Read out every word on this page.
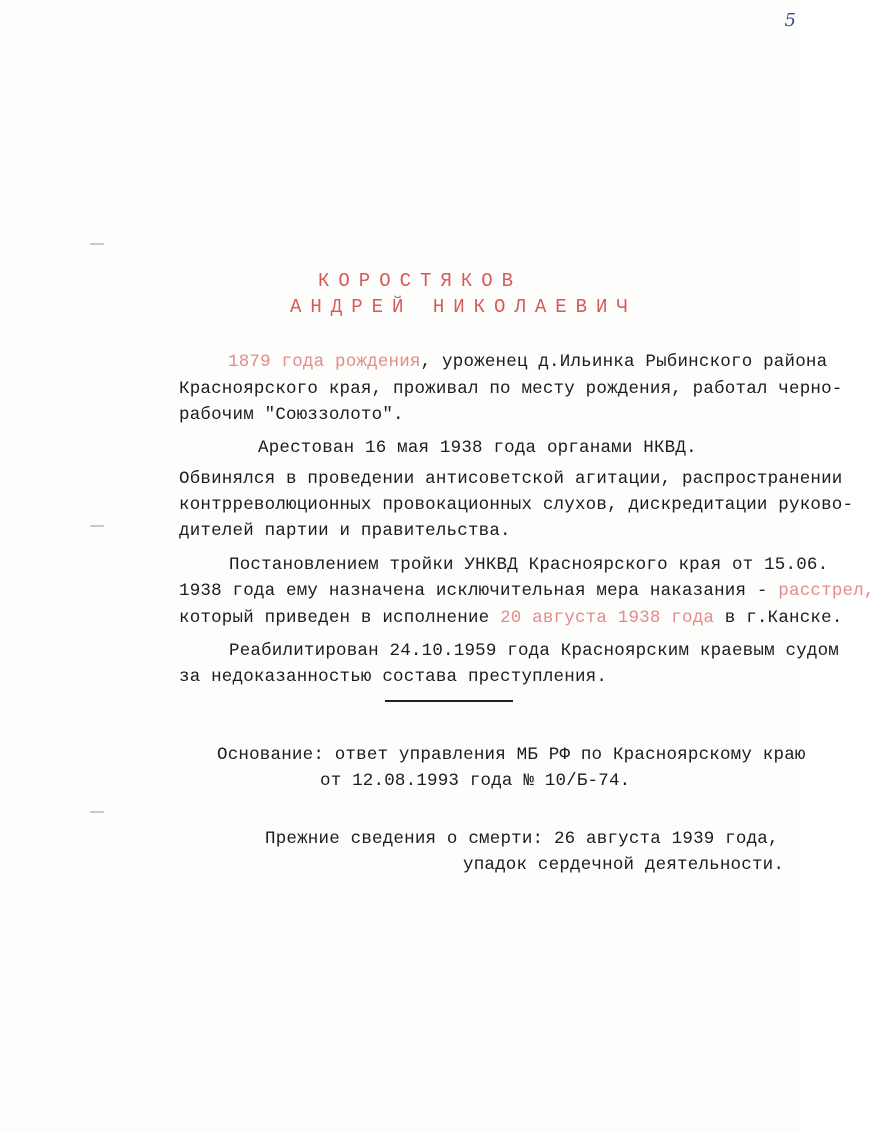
5
КОРОСТЯКОВ
АНДРЕЙ НИКОЛАЕВИЧ
1879 года рождения, уроженец д.Ильинка Рыбинского района
Красноярского края, проживал по месту рождения, работал черно-
рабочим "Союззолото".
Арестован 16 мая 1938 года органами НКВД.
Обвинялся в проведении антисоветской агитации, распространении
контрреволюционных провокационных слухов, дискредитации руково-
дителей партии и правительства.
Постановлением тройки УНКВД Красноярского края от 15.06.
1938 года ему назначена исключительная мера наказания - расстрел,
который приведен в исполнение 20 августа 1938 года в г.Канске.
Реабилитирован 24.10.1959 года Красноярским краевым судом
за недоказанностью состава преступления.
Основание: ответ управления МБ РФ по Красноярскому краю
от 12.08.1993 года № 10/Б-74.
Прежние сведения о смерти: 26 августа 1939 года,
упадок сердечной деятельности.
